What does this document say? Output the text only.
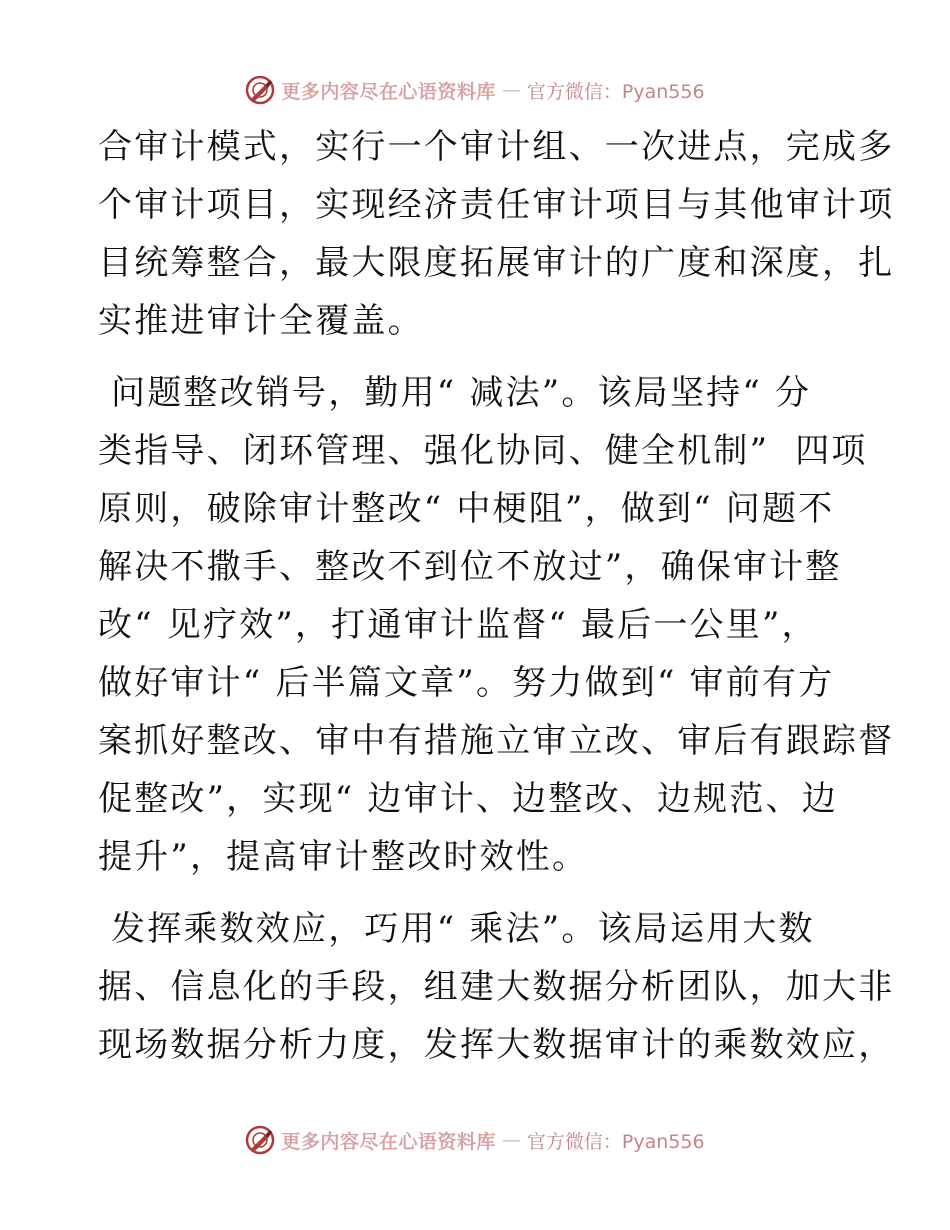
更多内容尽在心语资料库 — 官方微信：Pyan556
合审计模式，实行一个审计组、一次进点，完成多
个审计项目，实现经济责任审计项目与其他审计项
目统筹整合，最大限度拓展审计的广度和深度，扎
实推进审计全覆盖。
问题整改销号，勤用“ 减法”。该局坚持“ 分
类指导、闭环管理、强化协同、健全机制”  四项
原则，破除审计整改“ 中梗阻”，做到“ 问题不
解决不撒手、整改不到位不放过”，确保审计整
改“ 见疗效”，打通审计监督“ 最后一公里”，
做好审计“ 后半篇文章”。努力做到“ 审前有方
案抓好整改、审中有措施立审立改、审后有跟踪督
促整改”，实现“ 边审计、边整改、边规范、边
提升”，提高审计整改时效性。
发挥乘数效应，巧用“ 乘法”。该局运用大数
据、信息化的手段，组建大数据分析团队，加大非
现场数据分析力度，发挥大数据审计的乘数效应，
更多内容尽在心语资料库 — 官方微信：Pyan556
